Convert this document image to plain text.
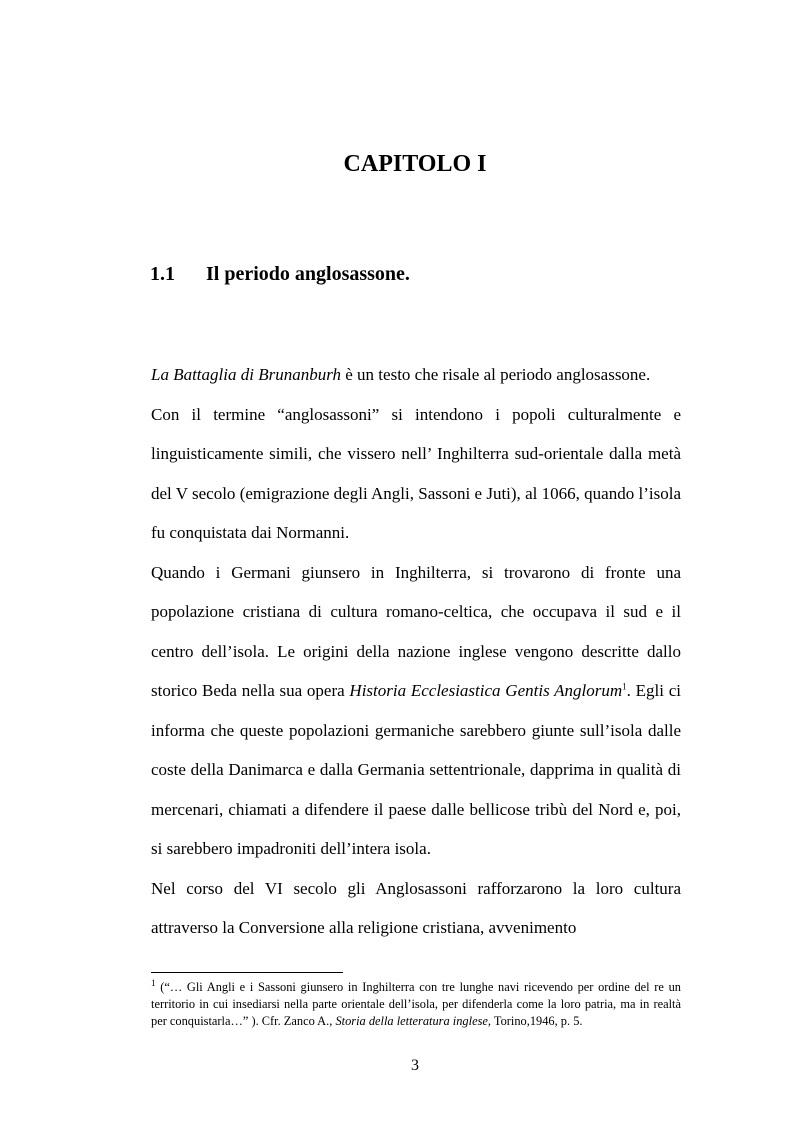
CAPITOLO I
1.1 Il periodo anglosassone.

La Battaglia di Brunanburh è un testo che risale al periodo anglosassone.

Con il termine “anglosassoni” si intendono i popoli culturalmente e linguisticamente simili, che vissero nell’ Inghilterra sud-orientale dalla metà del V secolo (emigrazione degli Angli, Sassoni e Juti), al 1066, quando l’isola fu conquistata dai Normanni.

Quando i Germani giunsero in Inghilterra, si trovarono di fronte una popolazione cristiana di cultura romano-celtica, che occupava il sud e il centro dell’isola. Le origini della nazione inglese vengono descritte dallo storico Beda nella sua opera Historia Ecclesiastica Gentis Anglorum$^1$. Egli ci informa che queste popolazioni germaniche sarebbero giunte sull’isola dalle coste della Danimarca e dalla Germania settentrionale, dapprima in qualità di mercenari, chiamati a difendere il paese dalle bellicose tribù del Nord e, poi, si sarebbero impadroniti dell’intera isola.

Nel corso del VI secolo gli Anglosassoni rafforzarono la loro cultura attraverso la Conversione alla religione cristiana, avvenimento

$^1$ (“… Gli Angli e i Sassoni giunsero in Inghilterra con tre lunghe navi ricevendo per ordine del re un territorio in cui insediarsi nella parte orientale dell’isola, per difenderla come la loro patria, ma in realtà per conquistarla…” ). Cfr. Zanco A., Storia della letteratura inglese, Torino,1946, p. 5.
3
